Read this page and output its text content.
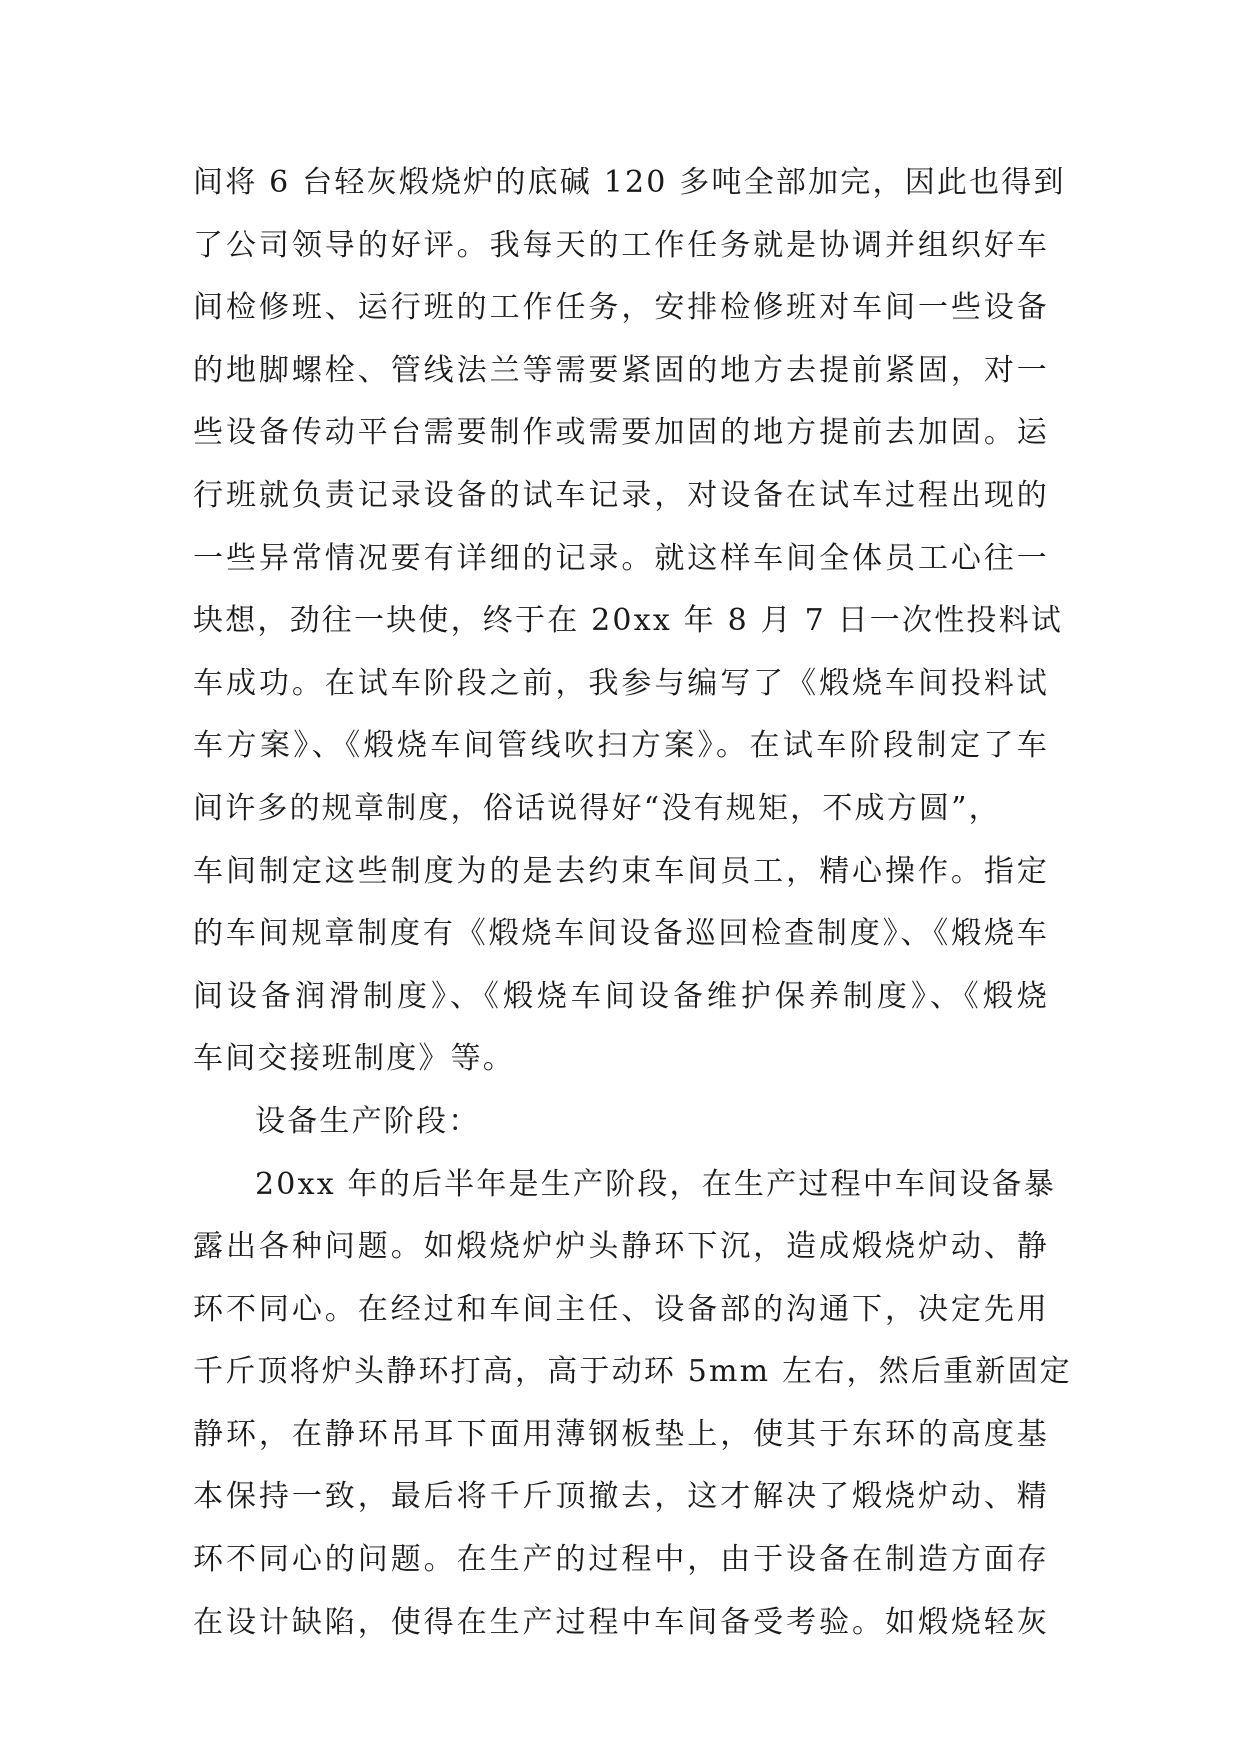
间将 6 台轻灰煅烧炉的底碱 120 多吨全部加完，因此也得到
了公司领导的好评。我每天的工作任务就是协调并组织好车
间检修班、运行班的工作任务，安排检修班对车间一些设备
的地脚螺栓、管线法兰等需要紧固的地方去提前紧固，对一
些设备传动平台需要制作或需要加固的地方提前去加固。运
行班就负责记录设备的试车记录，对设备在试车过程出现的
一些异常情况要有详细的记录。就这样车间全体员工心往一
块想，劲往一块使，终于在 20xx 年 8 月 7 日一次性投料试
车成功。在试车阶段之前，我参与编写了《煅烧车间投料试
车方案》、《煅烧车间管线吹扫方案》。在试车阶段制定了车
间许多的规章制度，俗话说得好“没有规矩，不成方圆”，
车间制定这些制度为的是去约束车间员工，精心操作。指定
的车间规章制度有《煅烧车间设备巡回检查制度》、《煅烧车
间设备润滑制度》、《煅烧车间设备维护保养制度》、《煅烧
车间交接班制度》等。
设备生产阶段：
20xx 年的后半年是生产阶段，在生产过程中车间设备暴
露出各种问题。如煅烧炉炉头静环下沉，造成煅烧炉动、静
环不同心。在经过和车间主任、设备部的沟通下，决定先用
千斤顶将炉头静环打高，高于动环 5mm 左右，然后重新固定
静环，在静环吊耳下面用薄钢板垫上，使其于东环的高度基
本保持一致，最后将千斤顶撤去，这才解决了煅烧炉动、精
环不同心的问题。在生产的过程中，由于设备在制造方面存
在设计缺陷，使得在生产过程中车间备受考验。如煅烧轻灰
